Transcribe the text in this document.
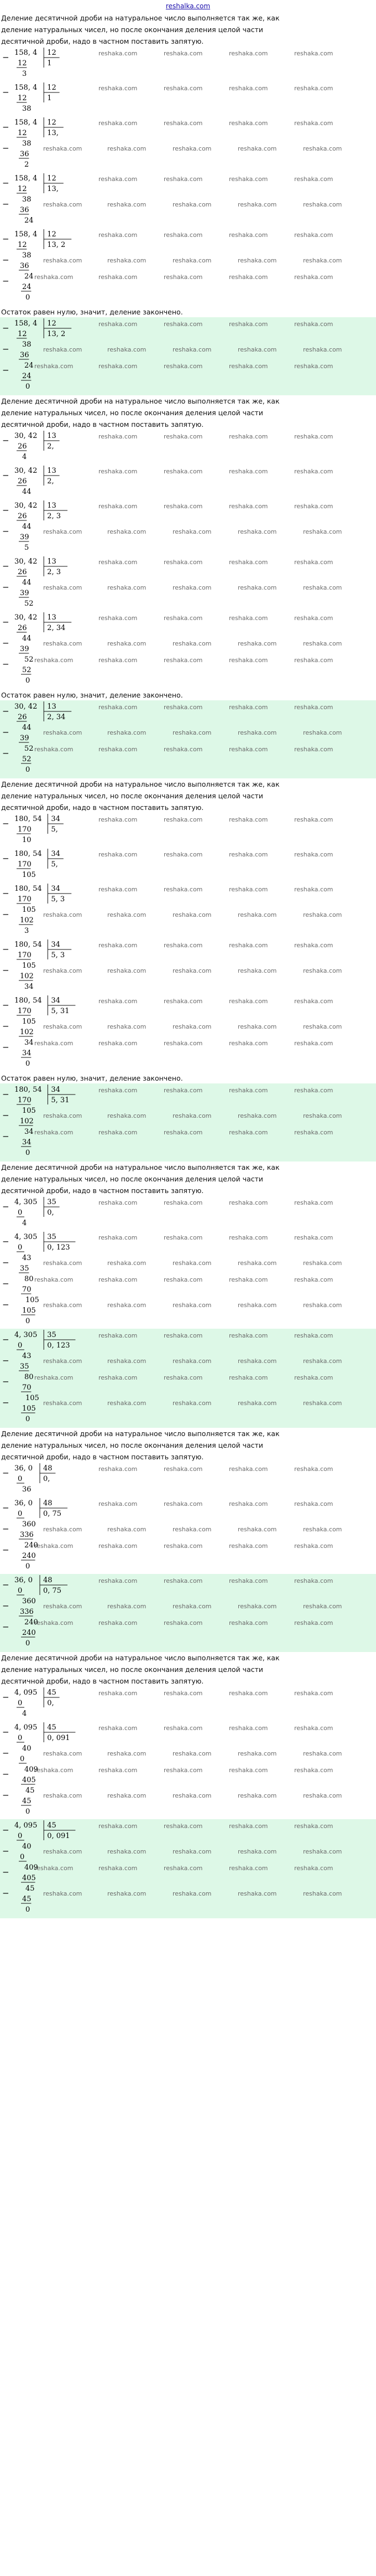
reshalka.com
Деление десятичной дроби на натуральное число выполняется так же, как
деление натуральных чисел, но после окончания деления целой части
десятичной дроби, надо в частном поставить запятую.
reshaka.com	reshaka.com	reshaka.com	reshaka.com
− 158, 4 12
1
12
3
reshaka.com	reshaka.com	reshaka.com	reshaka.com
− 158, 4 12
1
12
38
reshaka.com	reshaka.com	reshaka.com	reshaka.com
reshaka.com	reshaka.com	reshaka.com	reshaka.com	reshaka.com
− 158, 4 12
13,
12
38
−
36
2
reshaka.com	reshaka.com	reshaka.com	reshaka.com
reshaka.com	reshaka.com	reshaka.com	reshaka.com	reshaka.com
− 158, 4 12
13,
12
38
−
36
24
reshaka.com	reshaka.com	reshaka.com	reshaka.com
reshaka.com	reshaka.com	reshaka.com	reshaka.com	reshaka.com
reshaka.com	reshaka.com	reshaka.com	reshaka.com	reshaka.com
− 158, 4 12
13, 2
12
38
−
36
24
−
24
0
Остаток равен нулю, значит, деление закончено.
reshaka.com	reshaka.com	reshaka.com	reshaka.com
reshaka.com	reshaka.com	reshaka.com	reshaka.com	reshaka.com
reshaka.com	reshaka.com	reshaka.com	reshaka.com	reshaka.com
− 158, 4 12
13, 2
12
38
−
36
24
−
24
0
Деление десятичной дроби на натуральное число выполняется так же, как
деление натуральных чисел, но после окончания деления целой части
десятичной дроби, надо в частном поставить запятую.
reshaka.com	reshaka.com	reshaka.com	reshaka.com
− 30, 42 13
2,
26
4
reshaka.com	reshaka.com	reshaka.com	reshaka.com
− 30, 42 13
2,
26
44
reshaka.com	reshaka.com	reshaka.com	reshaka.com
reshaka.com	reshaka.com	reshaka.com	reshaka.com	reshaka.com
− 30, 42 13
2, 3
26
44
−
39
5
reshaka.com	reshaka.com	reshaka.com	reshaka.com
reshaka.com	reshaka.com	reshaka.com	reshaka.com	reshaka.com
− 30, 42 13
2, 3
26
44
−
39
52
reshaka.com	reshaka.com	reshaka.com	reshaka.com
reshaka.com	reshaka.com	reshaka.com	reshaka.com	reshaka.com
reshaka.com	reshaka.com	reshaka.com	reshaka.com	reshaka.com
− 30, 42 13
2, 34
26
44
−
39
52
−
52
0
Остаток равен нулю, значит, деление закончено.
reshaka.com	reshaka.com	reshaka.com	reshaka.com
reshaka.com	reshaka.com	reshaka.com	reshaka.com	reshaka.com
reshaka.com	reshaka.com	reshaka.com	reshaka.com	reshaka.com
− 30, 42 13
2, 34
26
44
−
39
52
−
52
0
Деление десятичной дроби на натуральное число выполняется так же, как
деление натуральных чисел, но после окончания деления целой части
десятичной дроби, надо в частном поставить запятую.
reshaka.com	reshaka.com	reshaka.com	reshaka.com
− 180, 54 34
5,
170
10
reshaka.com	reshaka.com	reshaka.com	reshaka.com
− 180, 54 34
5,
170
105
reshaka.com	reshaka.com	reshaka.com	reshaka.com
reshaka.com	reshaka.com	reshaka.com	reshaka.com	reshaka.com
− 180, 54 34
5, 3
170
105
−
102
3
reshaka.com	reshaka.com	reshaka.com	reshaka.com
reshaka.com	reshaka.com	reshaka.com	reshaka.com	reshaka.com
− 180, 54 34
5, 3
170
105
−
102
34
reshaka.com	reshaka.com	reshaka.com	reshaka.com
reshaka.com	reshaka.com	reshaka.com	reshaka.com	reshaka.com
reshaka.com	reshaka.com	reshaka.com	reshaka.com	reshaka.com
− 180, 54 34
5, 31
170
105
−
102
34
−
34
0
Остаток равен нулю, значит, деление закончено.
reshaka.com	reshaka.com	reshaka.com	reshaka.com
reshaka.com	reshaka.com	reshaka.com	reshaka.com	reshaka.com
reshaka.com	reshaka.com	reshaka.com	reshaka.com	reshaka.com
− 180, 54 34
5, 31
170
105
−
102
34
−
34
0
Деление десятичной дроби на натуральное число выполняется так же, как
деление натуральных чисел, но после окончания деления целой части
десятичной дроби, надо в частном поставить запятую.
reshaka.com	reshaka.com	reshaka.com	reshaka.com
− 4, 305 35
0,
0
4
reshaka.com	reshaka.com	reshaka.com	reshaka.com
reshaka.com	reshaka.com	reshaka.com	reshaka.com	reshaka.com
reshaka.com	reshaka.com	reshaka.com	reshaka.com	reshaka.com
reshaka.com	reshaka.com	reshaka.com	reshaka.com	reshaka.com
− 4, 305 35
0, 123
0
43
−
35
80
−
70
105
−
105
0
reshaka.com	reshaka.com	reshaka.com	reshaka.com
reshaka.com	reshaka.com	reshaka.com	reshaka.com	reshaka.com
reshaka.com	reshaka.com	reshaka.com	reshaka.com	reshaka.com
reshaka.com	reshaka.com	reshaka.com	reshaka.com	reshaka.com
− 4, 305 35
0, 123
0
43
−
35
80
−
70
105
−
105
0
Деление десятичной дроби на натуральное число выполняется так же, как
деление натуральных чисел, но после окончания деления целой части
десятичной дроби, надо в частном поставить запятую.
reshaka.com	reshaka.com	reshaka.com	reshaka.com
− 36, 0 48
0,
0
36
reshaka.com	reshaka.com	reshaka.com	reshaka.com
reshaka.com	reshaka.com	reshaka.com	reshaka.com	reshaka.com
reshaka.com	reshaka.com	reshaka.com	reshaka.com	reshaka.com
− 36, 0 48
0, 75
0
360
−
336
240
−
240
0
reshaka.com	reshaka.com	reshaka.com	reshaka.com
reshaka.com	reshaka.com	reshaka.com	reshaka.com	reshaka.com
reshaka.com	reshaka.com	reshaka.com	reshaka.com	reshaka.com
− 36, 0 48
0, 75
0
360
−
336
240
−
240
0
Деление десятичной дроби на натуральное число выполняется так же, как
деление натуральных чисел, но после окончания деления целой части
десятичной дроби, надо в частном поставить запятую.
reshaka.com	reshaka.com	reshaka.com	reshaka.com
− 4, 095 45
0,
0
4
reshaka.com	reshaka.com	reshaka.com	reshaka.com
reshaka.com	reshaka.com	reshaka.com	reshaka.com	reshaka.com
reshaka.com	reshaka.com	reshaka.com	reshaka.com	reshaka.com
reshaka.com	reshaka.com	reshaka.com	reshaka.com	reshaka.com
− 4, 095 45
0, 091
0
40
−
0
409
−
405
45
−
45
0
reshaka.com	reshaka.com	reshaka.com	reshaka.com
reshaka.com	reshaka.com	reshaka.com	reshaka.com	reshaka.com
reshaka.com	reshaka.com	reshaka.com	reshaka.com	reshaka.com
reshaka.com	reshaka.com	reshaka.com	reshaka.com	reshaka.com
− 4, 095 45
0, 091
0
40
−
0
409
−
405
45
−
45
0
